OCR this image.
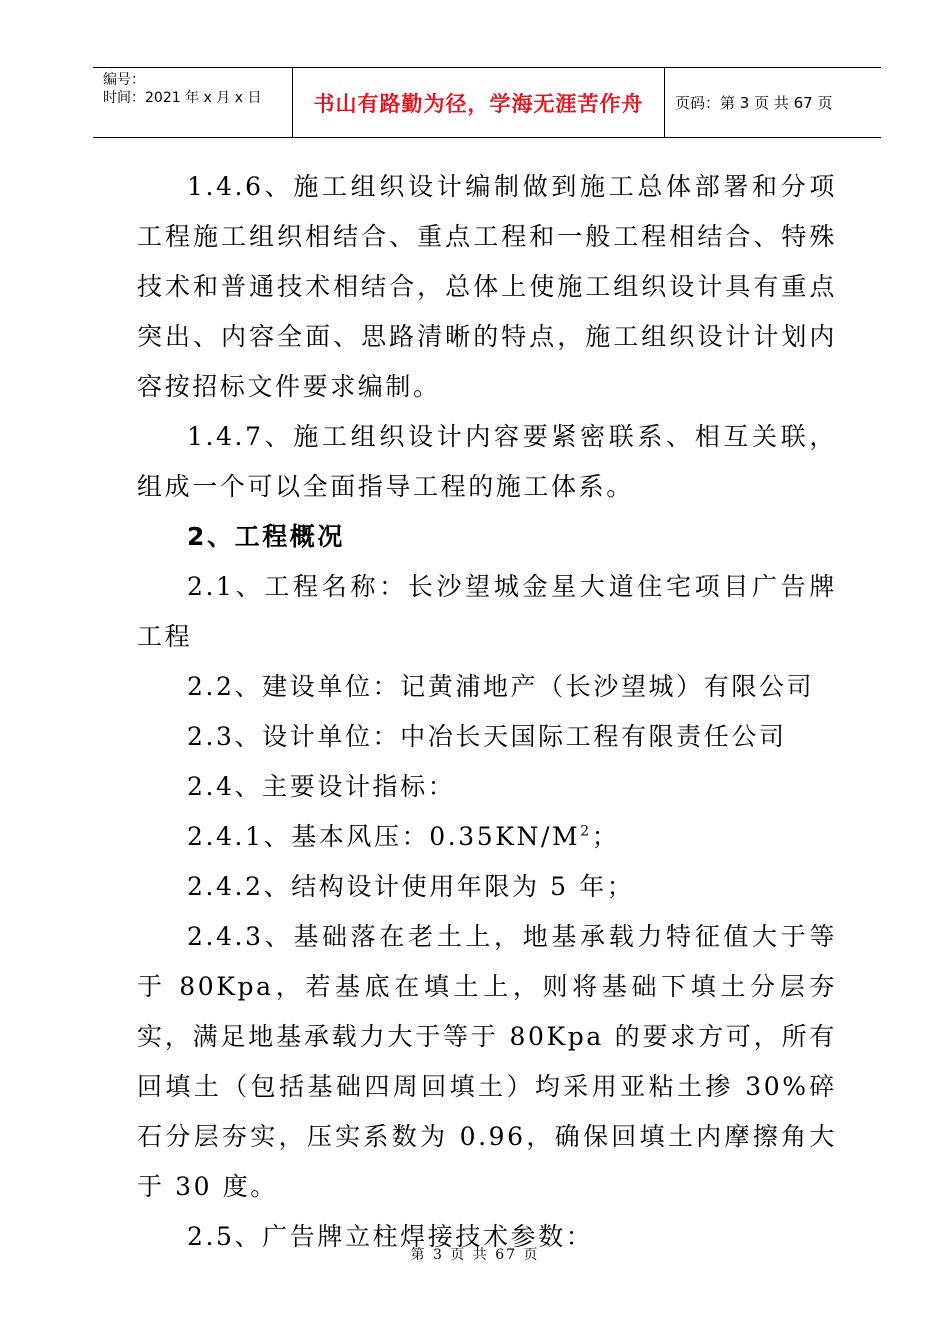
编号：
时间：2021 年 x 月 x 日	书山有路勤为径，学海无涯苦作舟 页码：第 3 页 共 67 页

1.4.6、施工组织设计编制做到施工总体部署和分项工程施工组织相结合、重点工程和一般工程相结合、特殊技术和普通技术相结合，总体上使施工组织设计具有重点突出、内容全面、思路清晰的特点，施工组织设计计划内容按招标文件要求编制。

1.4.7、施工组织设计内容要紧密联系、相互关联，组成一个可以全面指导工程的施工体系。

2、工程概况

2.1、工程名称：长沙望城金星大道住宅项目广告牌工程

2.2、建设单位：记黄浦地产（长沙望城）有限公司

2.3、设计单位：中冶长天国际工程有限责任公司

2.4、主要设计指标：

2.4.1、基本风压：$0.35KN/M^2$；

2.4.2、结构设计使用年限为 5 年；

2.4.3、基础落在老土上，地基承载力特征值大于等于 80Kpa，若基底在填土上，则将基础下填土分层夯实，满足地基承载力大于等于 80Kpa 的要求方可，所有回填土（包括基础四周回填土）均采用亚粘土掺 30%碎石分层夯实，压实系数为 0.96，确保回填土内摩擦角大于 30 度。

2.5、广告牌立柱焊接技术参数：

第 3 页 共 67 页
